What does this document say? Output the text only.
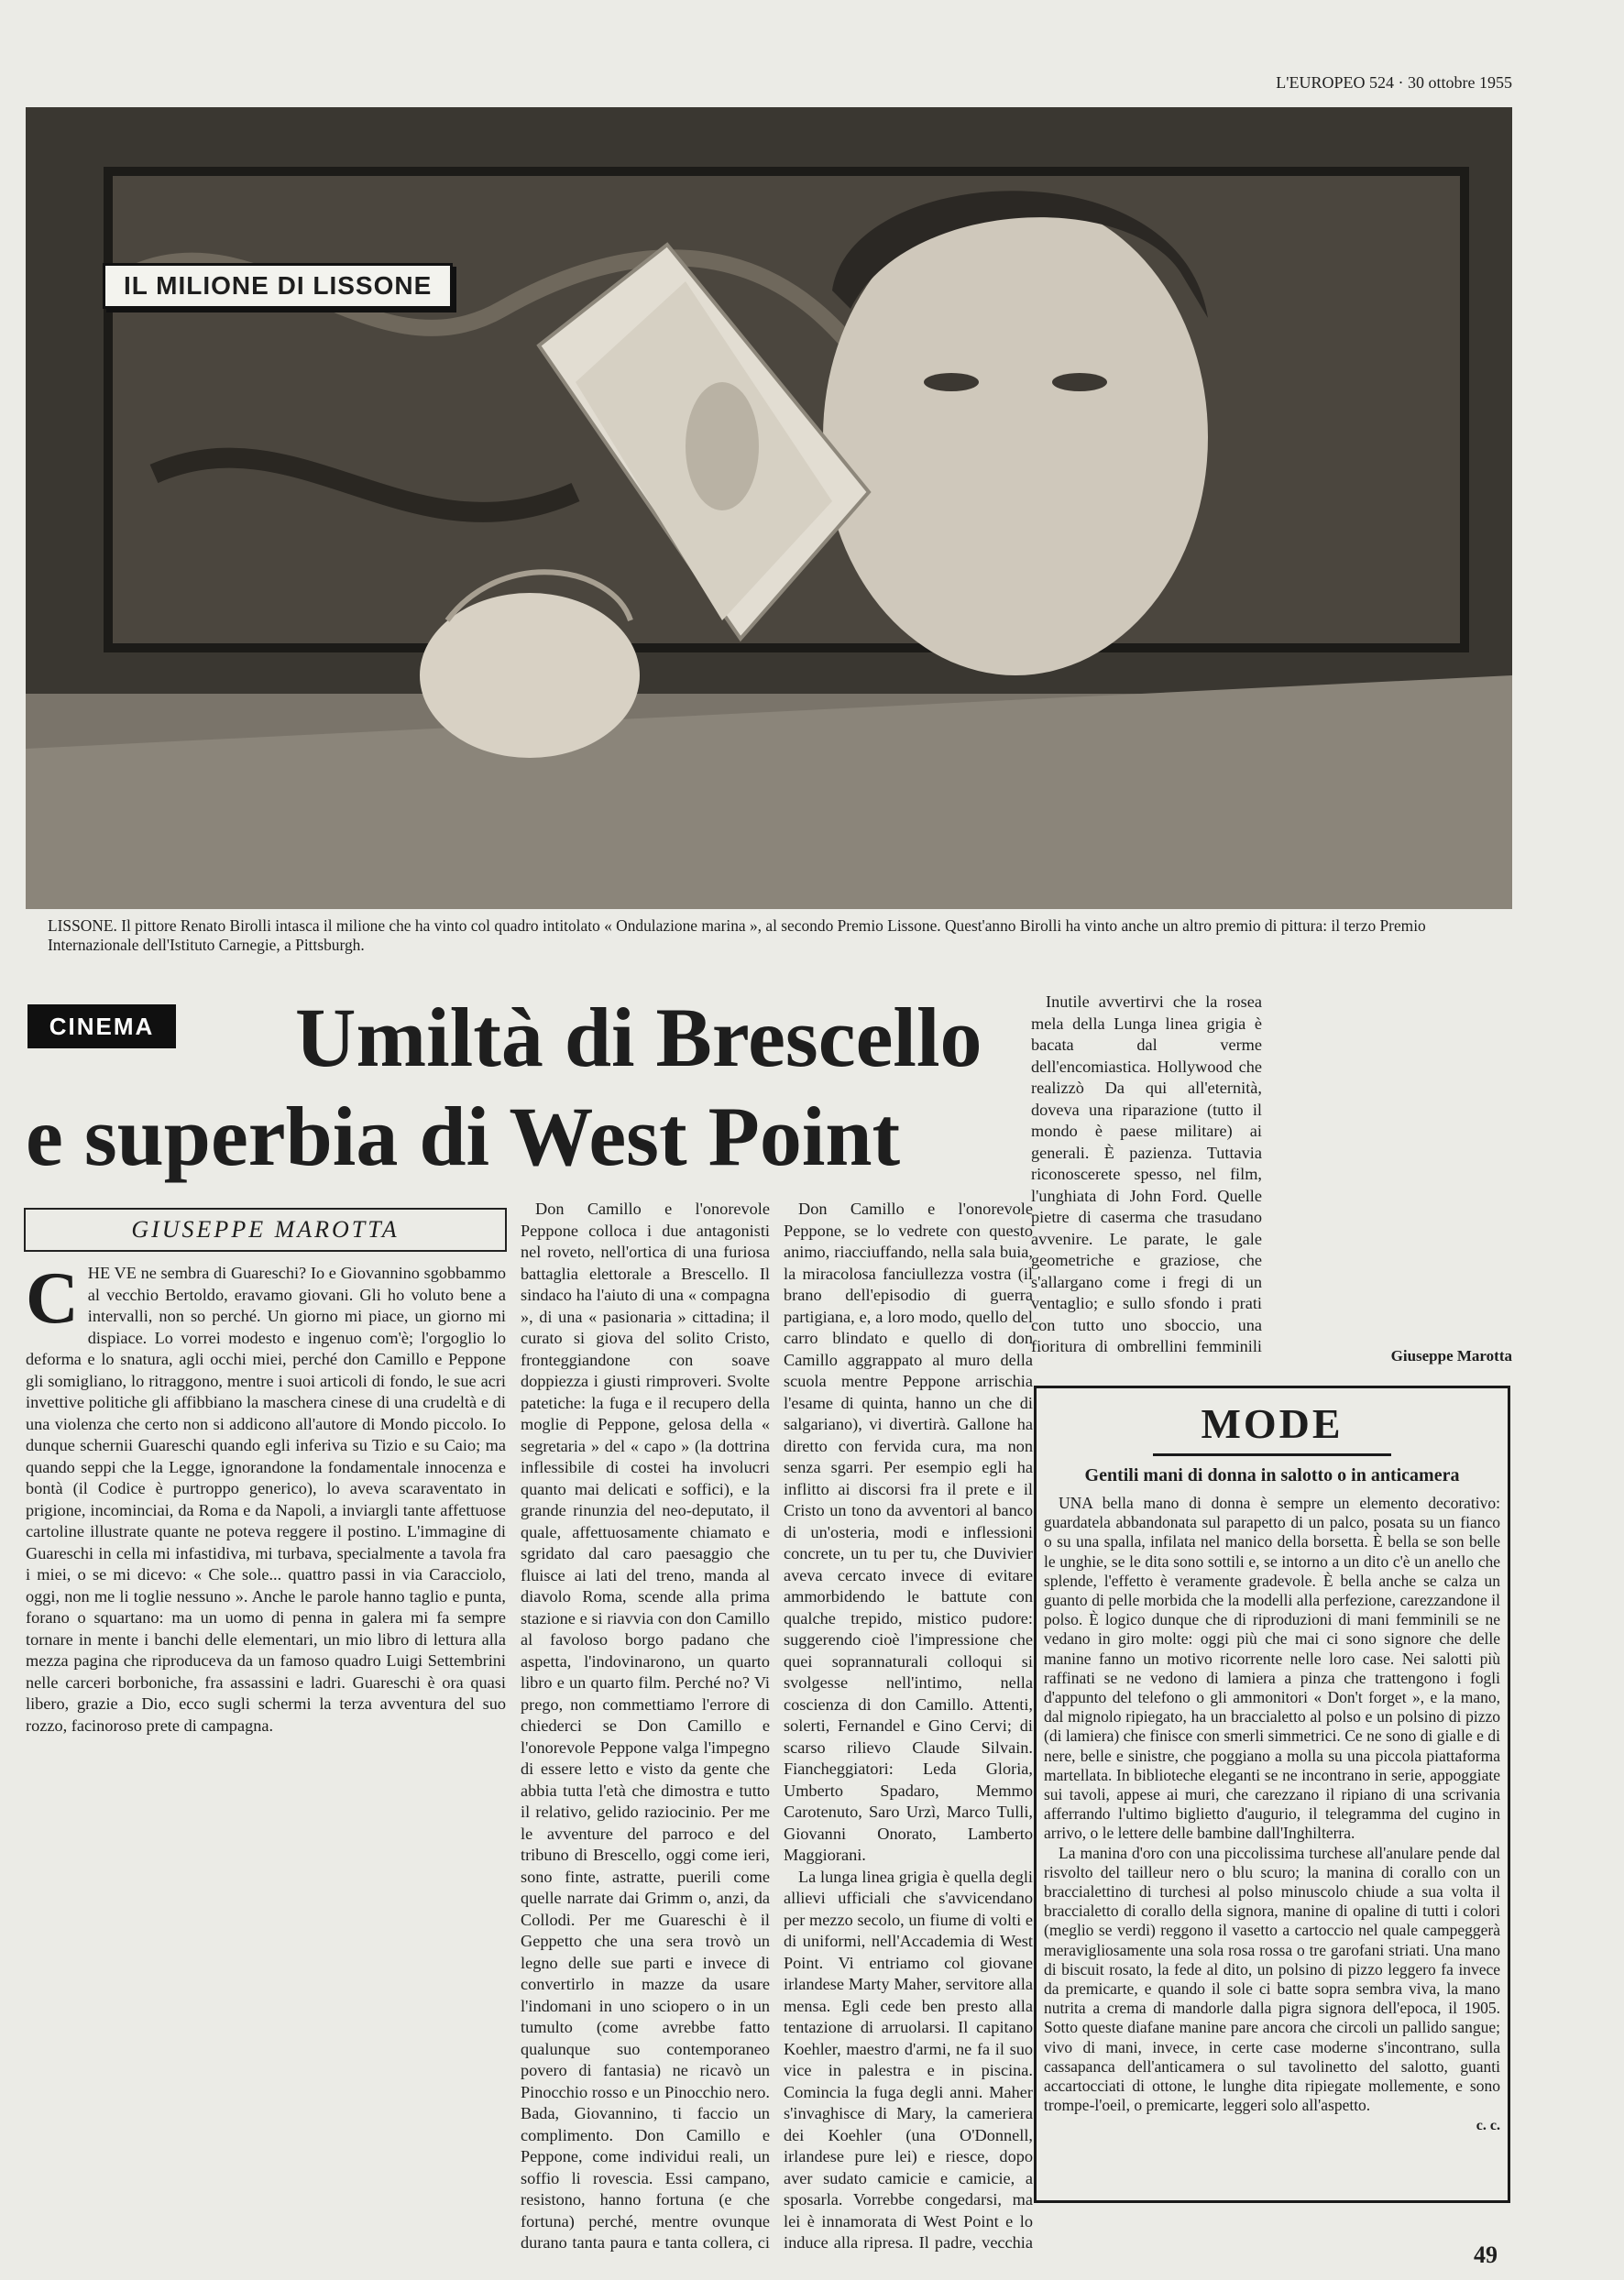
L'EUROPEO 524 · 30 ottobre 1955
IL MILIONE DI LISSONE
LISSONE. Il pittore Renato Birolli intasca il milione che ha vinto col quadro intitolato « Ondulazione marina », al secondo Premio Lissone. Quest'anno Birolli ha vinto anche un altro premio di pittura: il terzo Premio Internazionale dell'Istituto Carnegie, a Pittsburgh.
CINEMA Umiltà di Brescello
e superbia di West Point
GIUSEPPE MAROTTA

CHE VE ne sembra di Guareschi? Io e Giovannino sgobbammo al vecchio Bertoldo, eravamo giovani. Gli ho voluto bene a intervalli, non so perché. Un giorno mi piace, un giorno mi dispiace. Lo vorrei modesto e ingenuo com'è; l'orgoglio lo deforma e lo snatura, agli occhi miei, perché don Camillo e Peppone gli somigliano, lo ritraggono, mentre i suoi articoli di fondo, le sue acri invettive politiche gli affibbiano la maschera cinese di una crudeltà e di una violenza che certo non si addicono all'autore di Mondo piccolo. Io dunque schernii Guareschi quando egli inferiva su Tizio e su Caio; ma quando seppi che la Legge, ignorandone la fondamentale innocenza e bontà (il Codice è purtroppo generico), lo aveva scaraventato in prigione, incominciai, da Roma e da Napoli, a inviargli tante affettuose cartoline illustrate quante ne poteva reggere il postino. L'immagine di Guareschi in cella mi infastidiva, mi turbava, specialmente a tavola fra i miei, o se mi dicevo: « Che sole... quattro passi in via Caracciolo, oggi, non me li toglie nessuno ». Anche le parole hanno taglio e punta, forano o squartano: ma un uomo di penna in galera mi fa sempre tornare in mente i banchi delle elementari, un mio libro di lettura alla mezza pagina che riproduceva da un famoso quadro Luigi Settembrini nelle carceri borboniche, fra assassini e ladri. Guareschi è ora quasi libero, grazie a Dio, ecco sugli schermi la terza avventura del suo rozzo, facinoroso prete di campagna.

Don Camillo e l'onorevole Peppone colloca i due antagonisti nel roveto, nell'ortica di una furiosa battaglia elettorale a Brescello. Il sindaco ha l'aiuto di una « compagna », di una « pasionaria » cittadina; il curato si giova del solito Cristo, fronteggiandone con soave doppiezza i giusti rimproveri. Svolte patetiche: la fuga e il recupero della moglie di Peppone, gelosa della « segretaria » del « capo » (la dottrina inflessibile di costei ha involucri quanto mai delicati e soffici), e la grande rinunzia del neo-deputato, il quale, affettuosamente chiamato e sgridato dal caro paesaggio che fluisce ai lati del treno, manda al diavolo Roma, scende alla prima stazione e si riavvia con don Camillo al favoloso borgo padano che aspetta, l'indovinarono, un quarto libro e un quarto film. Perché no? Vi prego, non commettiamo l'errore di chiederci se Don Camillo e l'onorevole Peppone valga l'impegno di essere letto e visto da gente che abbia tutta l'età che dimostra e tutto il relativo, gelido raziocinio. Per me le avventure del parroco e del tribuno di Brescello, oggi come ieri, sono finte, astratte, puerili come quelle narrate dai Grimm o, anzi, da Collodi. Per me Guareschi è il Geppetto che una sera trovò un legno delle sue parti e invece di convertirlo in mazze da usare l'indomani in uno sciopero o in un tumulto (come avrebbe fatto qualunque suo contemporaneo povero di fantasia) ne ricavò un Pinocchio rosso e un Pinocchio nero. Bada, Giovannino, ti faccio un complimento. Don Camillo e Peppone, come individui reali, un soffio li rovescia. Essi campano, resistono, hanno fortuna (e che fortuna) perché, mentre ovunque durano tanta paura e tanta collera, ci

Don Camillo e l'onorevole Peppone, se lo vedrete con questo animo, riacciuffando, nella sala buia, la miracolosa fanciullezza vostra (il brano dell'episodio di guerra partigiana, e, a loro modo, quello del carro blindato e quello di don Camillo aggrappato al muro della scuola mentre Peppone arrischia l'esame di quinta, hanno un che di salgariano), vi divertirà. Gallone ha diretto con fervida cura, ma non senza sgarri. Per esempio egli ha inflitto ai discorsi fra il prete e il Cristo un tono da avventori al banco di un'osteria, modi e inflessioni concrete, un tu per tu, che Duvivier aveva cercato invece di evitare ammorbidendo le battute con qualche trepido, mistico pudore: suggerendo cioè l'impressione che quei soprannaturali colloqui si svolgesse nell'intimo, nella coscienza di don Camillo. Attenti, solerti, Fernandel e Gino Cervi; di scarso rilievo Claude Silvain. Fiancheggiatori: Leda Gloria, Umberto Spadaro, Memmo Carotenuto, Saro Urzì, Marco Tulli, Giovanni Onorato, Lamberto Maggiorani.

La lunga linea grigia è quella degli allievi ufficiali che s'avvicendano per mezzo secolo, un fiume di volti e di uniformi, nell'Accademia di West Point. Vi entriamo col giovane irlandese Marty Maher, servitore alla mensa. Egli cede ben presto alla tentazione di arruolarsi. Il capitano Koehler, maestro d'armi, ne fa il suo vice in palestra e in piscina. Comincia la fuga degli anni. Maher s'invaghisce di Mary, la cameriera dei Koehler (una O'Donnell, irlandese pure lei) e riesce, dopo aver sudato camicie e camicie, a sposarla. Vorrebbe congedarsi, ma lei è innamorata di West Point e lo induce alla ripresa. Il padre, vecchia

Inutile avvertirvi che la rosea mela della Lunga linea grigia è bacata dal verme dell'encomiastica. Hollywood che realizzò Da qui all'eternità, doveva una riparazione (tutto il mondo è paese militare) ai generali. È pazienza. Tuttavia riconoscerete spesso, nel film, l'unghiata di John Ford. Quelle pietre di caserma che trasudano avvenire. Le parate, le gale geometriche e graziose, che s'allargano come i fregi di un ventaglio; e sullo sfondo i prati con tutto uno sbocciо, una fioritura di ombrellini femminili

Giuseppe Marotta
MODE
Gentili mani di donna in salotto o in anticamera

UNA bella mano di donna è sempre un elemento decorativo: guardatela abbandonata sul parapetto di un palco, posata su un fianco o su una spalla, infilata nel manico della borsetta. È bella se son belle le unghie, se le dita sono sottili e, se intorno a un dito c'è un anello che splende, l'effetto è veramente gradevole. È bella anche se calza un guanto di pelle morbida che la modelli alla perfezione, carezzandone il polso. È logico dunque che di riproduzioni di mani femminili se ne vedano in giro molte: oggi più che mai ci sono signore che delle manine fanno un motivo ricorrente nelle loro case. Nei salotti più raffinati se ne vedono di lamiera a pinza che trattengono i fogli d'appunto del telefono o gli ammonitori « Don't forget », e la mano, dal mignolo ripiegato, ha un braccialetto al polso e un polsino di pizzo (di lamiera) che finisce con smerli simmetrici. Ce ne sono di gialle e di nere, belle e sinistre, che poggiano a molla su una piccola piattaforma martellata. In biblioteche eleganti se ne incontrano in serie, appoggiate sui tavoli, appese ai muri, che carezzano il ripiano di una scrivania afferrando l'ultimo biglietto d'augurio, il telegramma del cugino in arrivo, o le lettere delle bambine dall'Inghilterra.

La manina d'oro con una piccolissima turchese all'anulare pende dal risvolto del tailleur nero o blu scuro; la manina di corallo con un braccialettino di turchesi al polso minuscolo chiude a sua volta il braccialetto di corallo della signora, manine di opaline di tutti i colori (meglio se verdi) reggono il vasetto a cartoccio nel quale campeggerà meravigliosamente una sola rosa rossa o tre garofani striati. Una mano di biscuit rosato, la fede al dito, un polsino di pizzo leggero fa invece da premicarte, e quando il sole ci batte sopra sembra viva, la mano nutrita a crema di mandorle dalla pigra signora dell'epoca, il 1905. Sotto queste diafane manine pare ancora che circoli un pallido sangue; vivo di mani, invece, in certe case moderne s'incontrano, sulla cassapanca dell'anticamera o sul tavolinetto del salotto, guanti accartocciati di ottone, le lunghe dita ripiegate mollemente, e sono trompe-l'oeil, o premicarte, leggeri solo all'aspetto.

c. c.
49
